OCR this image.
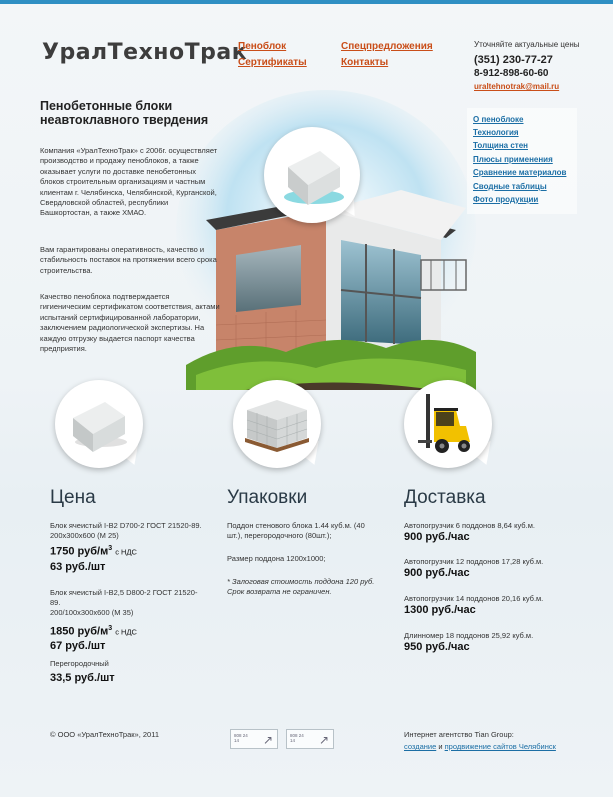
УралТехноТрак
Пеноблок	Спецпредложения
Сертификаты	Контакты
Уточняйте актуальные цены
(351) 230-77-27
8-912-898-60-60
uraltehnotrak@mail.ru
О пеноблоке
Технология
Толщина стен
Плюсы применения
Сравнение материалов
Сводные таблицы
Фото продукции
Пенобетонные блоки
неавтоклавного твердения
Компания «УралТехноТрак» с 2006г. осуществляет производство и продажу пеноблоков, а также оказывает услуги по доставке пенобетонных блоков строительным организациям и частным клиентам г. Челябинска, Челябинской, Курганской, Свердловской областей, республики Башкортостан, а также ХМАО.
Вам гарантированы оперативность, качество и стабильность поставок на протяжении всего срока строительства.
Качество пеноблока подтверждается гигиеническим сертификатом соответствия, актами испытаний сертифицированной лаборатории, заключением радиологической экспертизы. На каждую отгрузку выдается паспорт качества предприятия.
Цена
Блок ячеистый I-B2 D700-2 ГОСТ 21520-89.
200х300х600 (М 25)
1750 руб/$м^3$ с НДС
63 руб./шт
Блок ячеистый I-B2,5 D800-2 ГОСТ 21520-
89.
200/100х300х600 (М 35)
1850 руб/$м^3$ с НДС
67 руб./шт
Перегородочный
33,5 руб./шт
Упаковки
Поддон стенового блока 1.44 куб.м. (40
шт.), перегородочного (80шт.);
Размер поддона 1200х1000;
* Залоговая стоимость поддона 120 руб.
Срок возврата не ограничен.
Доставка
Автопогрузчик 6 поддонов 8,64 куб.м.
900 руб./час
Автопогрузчик 12 поддонов 17,28 куб.м.
900 руб./час
Автопогрузчик 14 поддонов 20,16 куб.м.
1300 руб./час
Длинномер 18 поддонов 25,92 куб.м.
950 руб./час
© ООО «УралТехноТрак», 2011	808 24 14	↗	808 24 14	↗	Интернет агентство Tian Group:
создание и продвижение сайтов Челябинск
